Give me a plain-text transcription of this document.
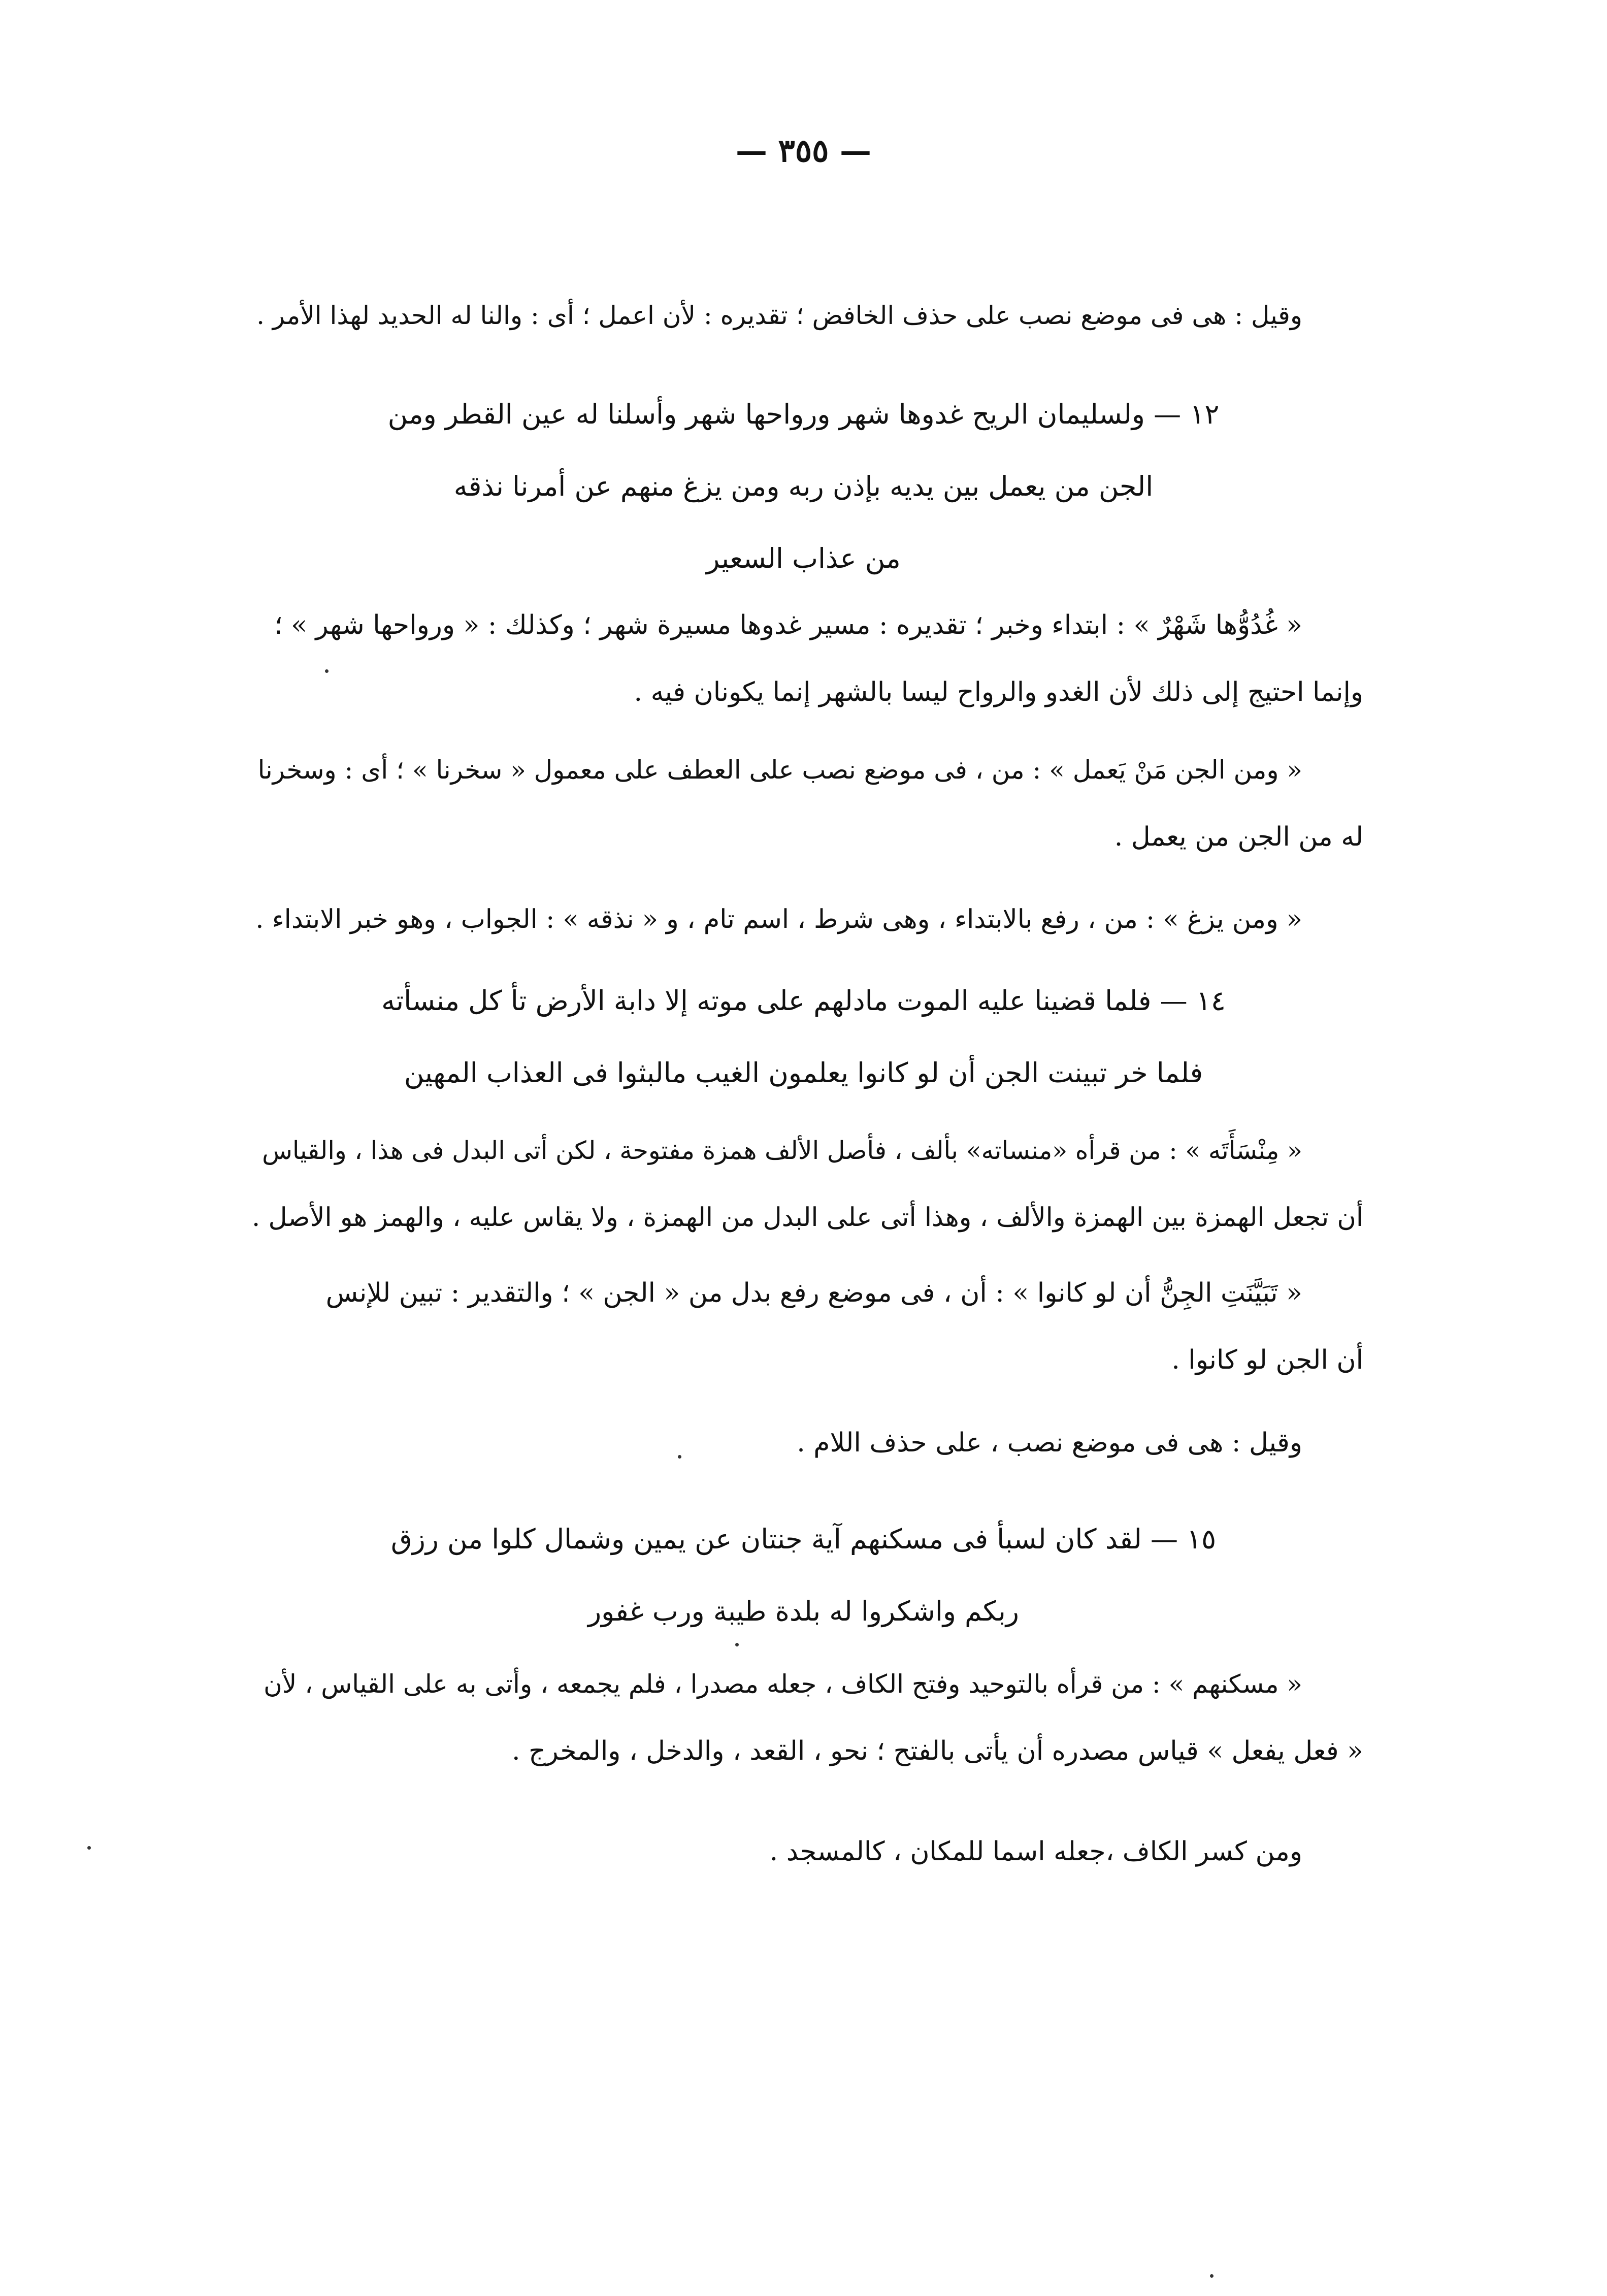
— ٣٥٥ —
وقيل : هى فى موضع نصب على حذف الخافض ؛ تقديره : لأن اعمل ؛ أى : والنا له الحديد لهذا الأمر .
١٢ — ولسليمان الريح غدوها شهر ورواحها شهر وأسلنا له عين القطر ومن
الجن من يعمل بين يديه بإذن ربه ومن يزغ منهم عن أمرنا نذقه
من عذاب السعير
« غُدُوُّها شَهْرٌ » : ابتداء وخبر ؛ تقديره : مسير غدوها مسيرة شهر ؛ وكذلك : « ورواحها شهر » ؛
وإنما احتيج إلى ذلك لأن الغدو والرواح ليسا بالشهر إنما يكونان فيه .
« ومن الجن مَنْ يَعمل » : من ، فى موضع نصب على العطف على معمول « سخرنا » ؛ أى : وسخرنا
له من الجن من يعمل .
« ومن يزغ » : من ، رفع بالابتداء ، وهى شرط ، اسم تام ، و « نذقه » : الجواب ، وهو خبر الابتداء .
١٤ — فلما قضينا عليه الموت مادلهم على موته إلا دابة الأرض تأ كل منسأته
فلما خر تبينت الجن أن لو كانوا يعلمون الغيب مالبثوا فى العذاب المهين
« مِنْسَأَتَه » : من قرأه «منساته» بألف ، فأصل الألف همزة مفتوحة ، لكن أتى البدل فى هذا ، والقياس
أن تجعل الهمزة بين الهمزة والألف ، وهذا أتى على البدل من الهمزة ، ولا يقاس عليه ، والهمز هو الأصل .
« تَبَيَّنَتِ الجِنُّ أن لو كانوا » : أن ، فى موضع رفع بدل من « الجن » ؛ والتقدير : تبين للإنس
أن الجن لو كانوا .
وقيل : هى فى موضع نصب ، على حذف اللام .
١٥ — لقد كان لسبأ فى مسكنهم آية جنتان عن يمين وشمال كلوا من رزق
ربكم واشكروا له بلدة طيبة ورب غفور
« مسكنهم » : من قرأه بالتوحيد وفتح الكاف ، جعله مصدرا ، فلم يجمعه ، وأتى به على القياس ، لأن
« فعل يفعل » قياس مصدره أن يأتى بالفتح ؛ نحو ، القعد ، والدخل ، والمخرج .
ومن كسر الكاف ،جعله اسما للمكان ، كالمسجد .
